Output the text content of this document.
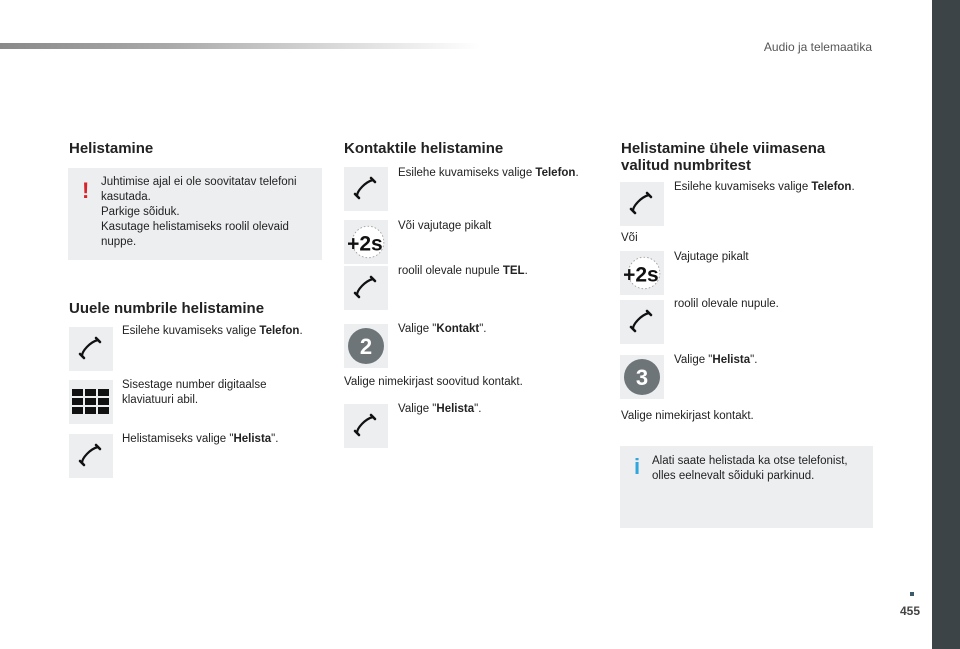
Audio ja telemaatika
455
Helistamine
! Juhtimise ajal ei ole soovitatav telefoni
kasutada.
Parkige sõiduk.
Kasutage helistamiseks roolil olevaid
nuppe.
Uuele numbrile helistamine
Esilehe kuvamiseks valige Telefon.
Sisestage number digitaalse
klaviatuuri abil.
Helistamiseks valige "Helista".
Kontaktile helistamine
Esilehe kuvamiseks valige Telefon.
Või vajutage pikalt
roolil olevale nupule TEL.
2
Valige "Kontakt".
Valige nimekirjast soovitud kontakt.
Valige "Helista".
Helistamine ühele viimasena
valitud numbritest
Esilehe kuvamiseks valige Telefon.
Või
Vajutage pikalt
roolil olevale nupule.
3
Valige "Helista".
Valige nimekirjast kontakt.
i Alati saate helistada ka otse telefonist,
olles eelnevalt sõiduki parkinud.
